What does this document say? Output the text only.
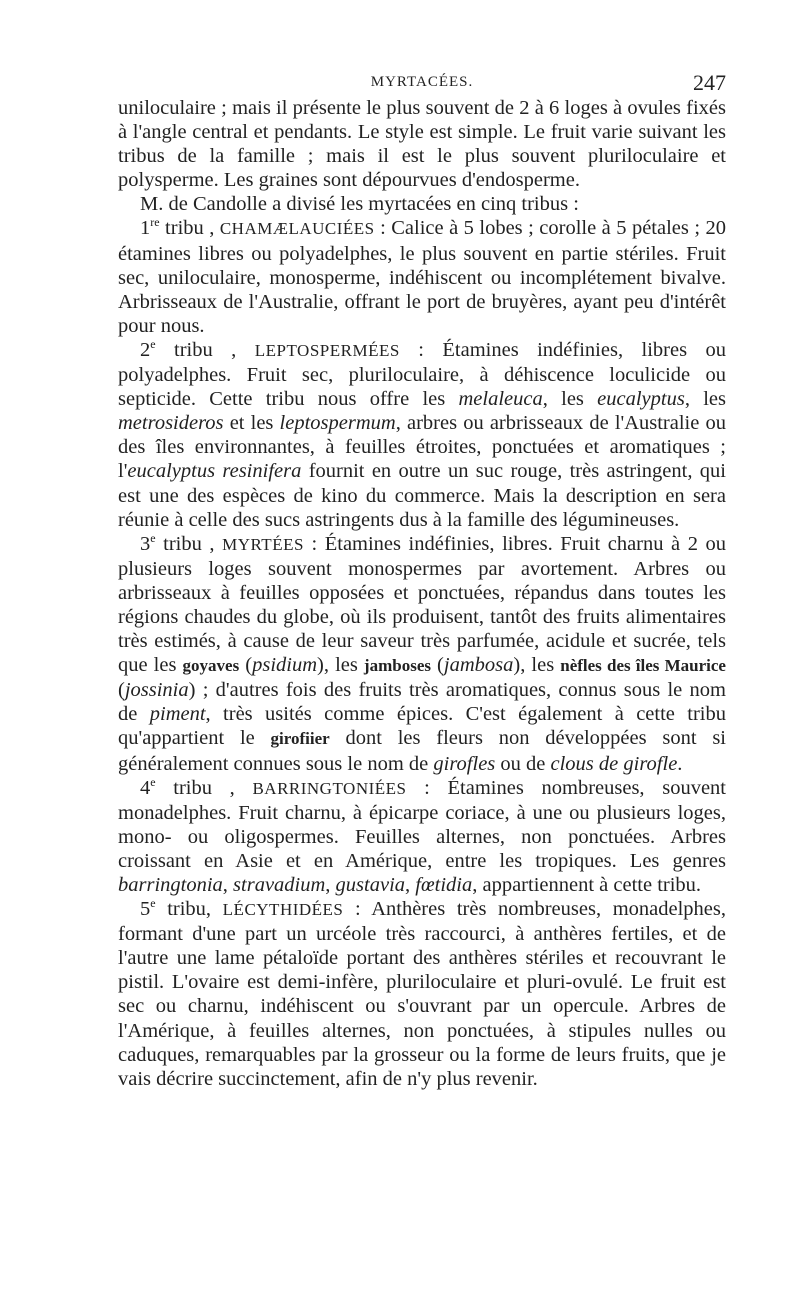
MYRTACÉES.	247

uniloculaire ; mais il présente le plus souvent de 2 à 6 loges à ovules fixés à l'angle central et pendants. Le style est simple. Le fruit varie suivant les tribus de la famille ; mais il est le plus souvent pluriloculaire et polysperme. Les graines sont dépourvues d'endosperme.

M. de Candolle a divisé les myrtacées en cinq tribus :

1re tribu , CHAMÆLAUCIÉES : Calice à 5 lobes ; corolle à 5 pétales ; 20 étamines libres ou polyadelphes, le plus souvent en partie stériles. Fruit sec, uniloculaire, monosperme, indéhiscent ou incomplétement bivalve. Arbrisseaux de l'Australie, offrant le port de bruyères, ayant peu d'intérêt pour nous.

2e tribu , LEPTOSPERMÉES : Étamines indéfinies, libres ou polyadelphes. Fruit sec, pluriloculaire, à déhiscence loculicide ou septicide. Cette tribu nous offre les melaleuca, les eucalyptus, les metrosideros et les leptospermum, arbres ou arbrisseaux de l'Australie ou des îles environnantes, à feuilles étroites, ponctuées et aromatiques ; l'eucalyptus resinifera fournit en outre un suc rouge, très astringent, qui est une des espèces de kino du commerce. Mais la description en sera réunie à celle des sucs astringents dus à la famille des légumineuses.

3e tribu , MYRTÉES : Étamines indéfinies, libres. Fruit charnu à 2 ou plusieurs loges souvent monospermes par avortement. Arbres ou arbrisseaux à feuilles opposées et ponctuées, répandus dans toutes les régions chaudes du globe, où ils produisent, tantôt des fruits alimentaires très estimés, à cause de leur saveur très parfumée, acidule et sucrée, tels que les goyaves (psidium), les jamboses (jambosa), les nèfles des îles Maurice (jossinia) ; d'autres fois des fruits très aromatiques, connus sous le nom de piment, très usités comme épices. C'est également à cette tribu qu'appartient le girofiier dont les fleurs non développées sont si généralement connues sous le nom de girofles ou de clous de girofle.

4e tribu , BARRINGTONIÉES : Étamines nombreuses, souvent monadelphes. Fruit charnu, à épicarpe coriace, à une ou plusieurs loges, mono- ou oligospermes. Feuilles alternes, non ponctuées. Arbres croissant en Asie et en Amérique, entre les tropiques. Les genres barringtonia, stravadium, gustavia, fœtidia, appartiennent à cette tribu.

5e tribu, LÉCYTHIDÉES : Anthères très nombreuses, monadelphes, formant d'une part un urcéole très raccourci, à anthères fertiles, et de l'autre une lame pétaloïde portant des anthères stériles et recouvrant le pistil. L'ovaire est demi-infère, pluriloculaire et pluri-ovulé. Le fruit est sec ou charnu, indéhiscent ou s'ouvrant par un opercule. Arbres de l'Amérique, à feuilles alternes, non ponctuées, à stipules nulles ou caduques, remarquables par la grosseur ou la forme de leurs fruits, que je vais décrire succinctement, afin de n'y plus revenir.
